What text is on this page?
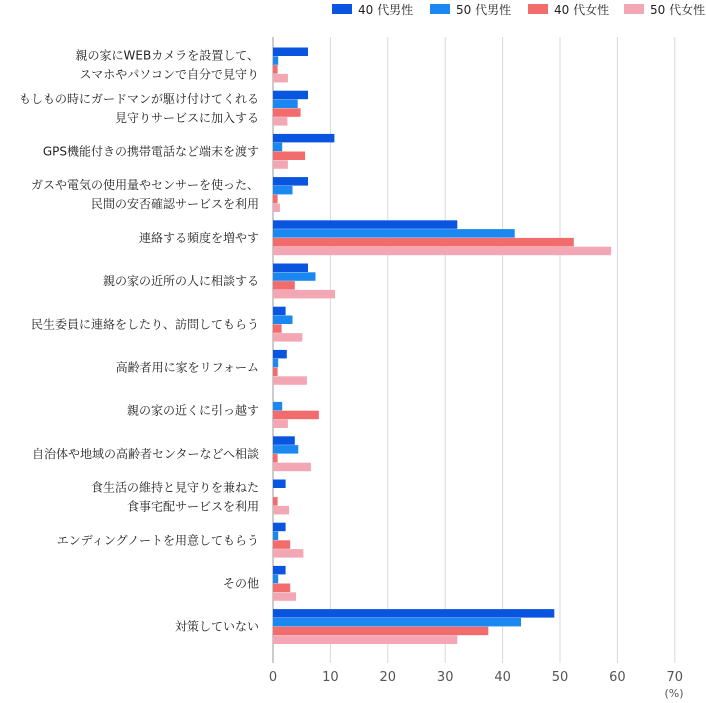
40 代男性	50 代男性	40 代女性	50 代女性
親の家にWEBカメラを設置して、スマホやパソコンで自分で見守り
もしもの時にガードマンが駆け付けてくれる見守りサービスに加入する
GPS機能付きの携帯電話など端末を渡す
ガスや電気の使用量やセンサーを使った、民間の安否確認サービスを利用
連絡する頻度を増やす
親の家の近所の人に相談する
民生委員に連絡をしたり、訪問してもらう
高齢者用に家をリフォーム
親の家の近くに引っ越す
自治体や地域の高齢者センターなどへ相談
食生活の維持と見守りを兼ねた食事宅配サービスを利用
エンディングノートを用意してもらう
その他
対策していない
0	10	20	30	40	50	60	70
(%)
